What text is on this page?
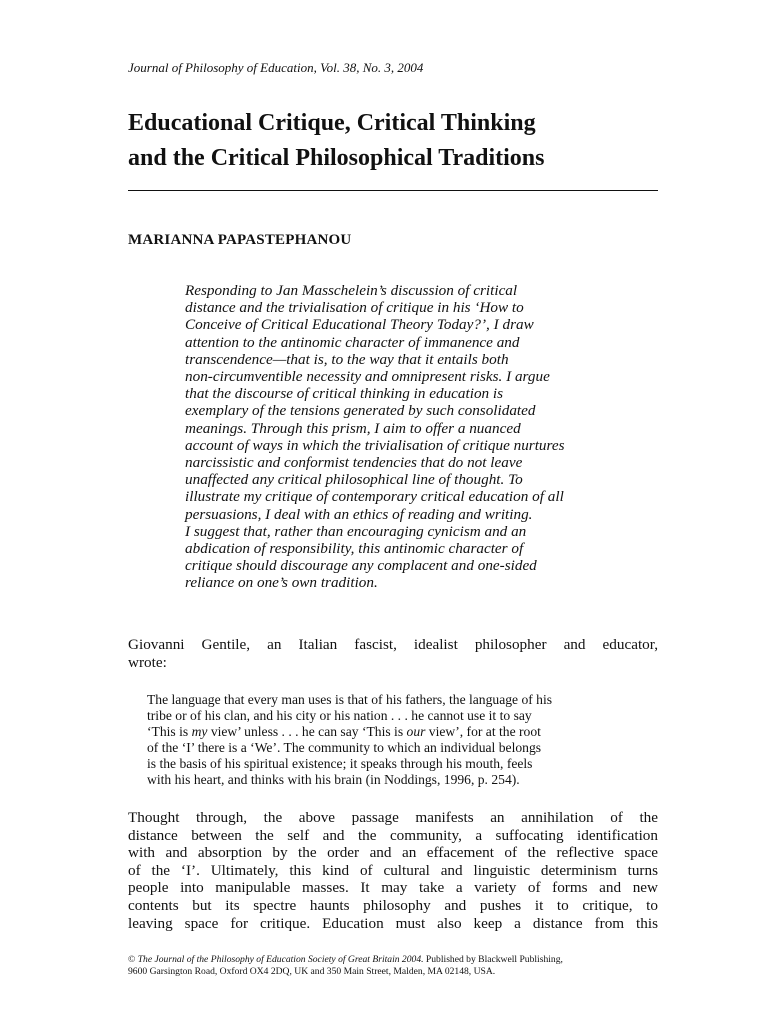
Journal of Philosophy of Education, Vol. 38, No. 3, 2004
Educational Critique, Critical Thinking
and the Critical Philosophical Traditions
MARIANNA PAPASTEPHANOU
Responding to Jan Masschelein’s discussion of critical
distance and the trivialisation of critique in his ‘How to
Conceive of Critical Educational Theory Today?’, I draw
attention to the antinomic character of immanence and
transcendence—that is, to the way that it entails both
non-circumventible necessity and omnipresent risks. I argue
that the discourse of critical thinking in education is
exemplary of the tensions generated by such consolidated
meanings. Through this prism, I aim to offer a nuanced
account of ways in which the trivialisation of critique nurtures
narcissistic and conformist tendencies that do not leave
unaffected any critical philosophical line of thought. To
illustrate my critique of contemporary critical education of all
persuasions, I deal with an ethics of reading and writing.
I suggest that, rather than encouraging cynicism and an
abdication of responsibility, this antinomic character of
critique should discourage any complacent and one-sided
reliance on one’s own tradition.
Giovanni Gentile, an Italian fascist, idealist philosopher and educator,
wrote:
The language that every man uses is that of his fathers, the language of his
tribe or of his clan, and his city or his nation . . . he cannot use it to say
‘This is my view’ unless . . . he can say ‘This is our view’, for at the root
of the ‘I’ there is a ‘We’. The community to which an individual belongs
is the basis of his spiritual existence; it speaks through his mouth, feels
with his heart, and thinks with his brain (in Noddings, 1996, p. 254).
Thought through, the above passage manifests an annihilation of the
distance between the self and the community, a suffocating identification
with and absorption by the order and an effacement of the reflective space
of the ‘I’. Ultimately, this kind of cultural and linguistic determinism turns
people into manipulable masses. It may take a variety of forms and new
contents but its spectre haunts philosophy and pushes it to critique, to
leaving space for critique. Education must also keep a distance from this
© The Journal of the Philosophy of Education Society of Great Britain 2004. Published by Blackwell Publishing,
9600 Garsington Road, Oxford OX4 2DQ, UK and 350 Main Street, Malden, MA 02148, USA.
